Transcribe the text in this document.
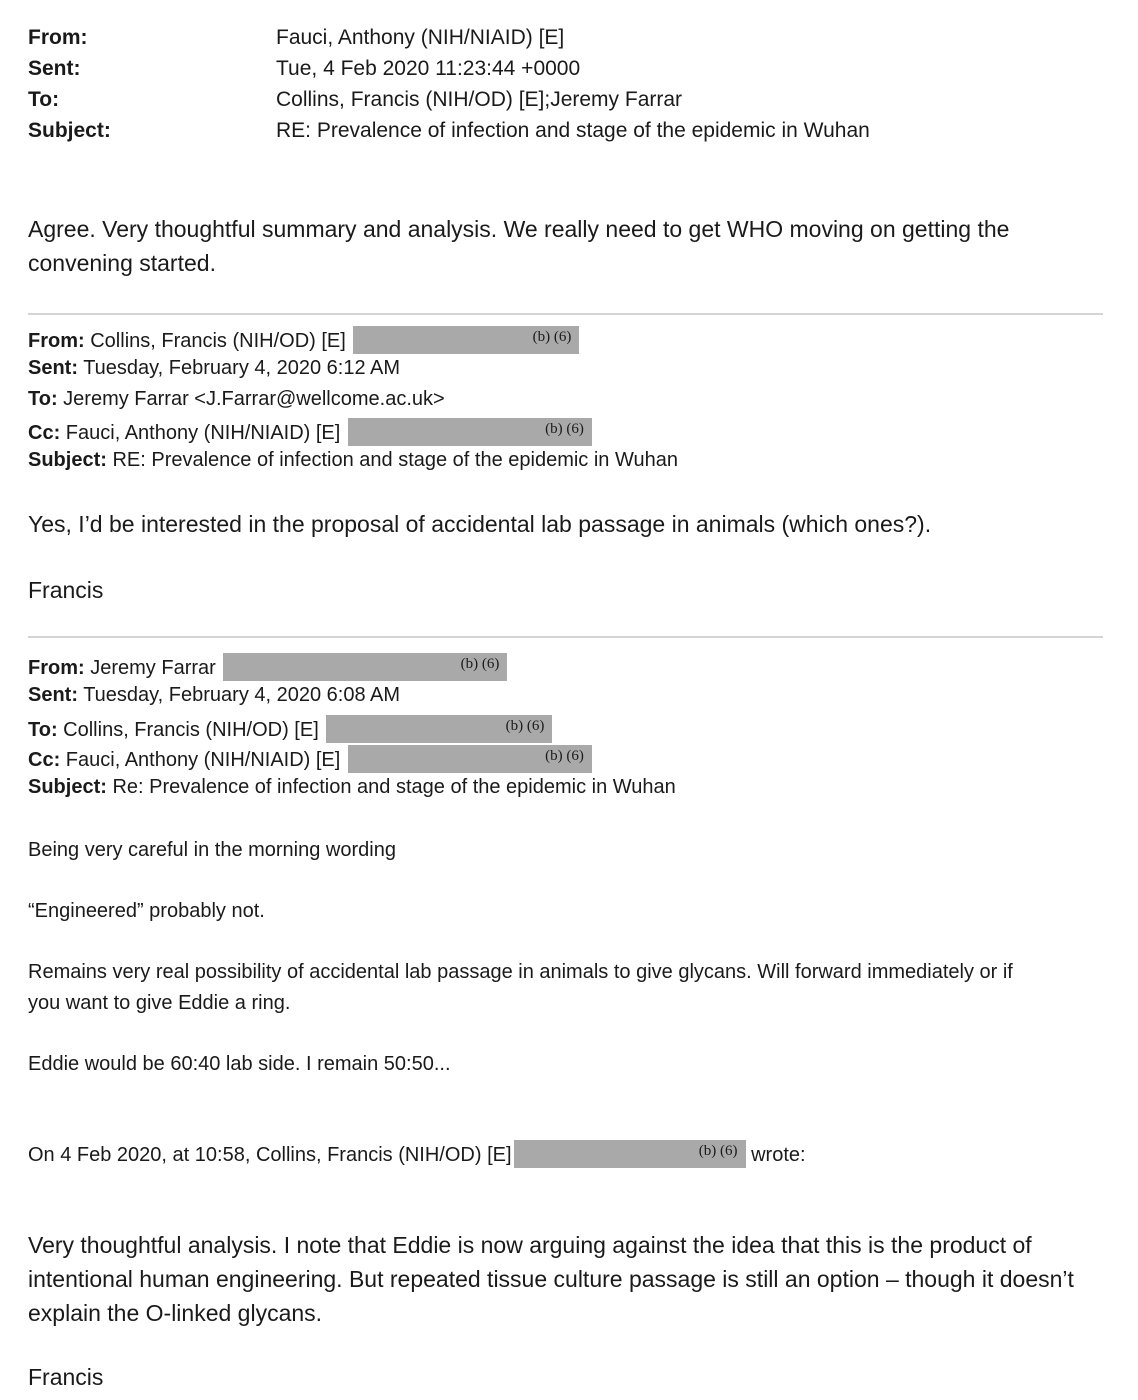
From:	Fauci, Anthony (NIH/NIAID) [E]
Sent:	Tue, 4 Feb 2020 11:23:44 +0000
To:	Collins, Francis (NIH/OD) [E];Jeremy Farrar
Subject:	RE: Prevalence of infection and stage of the epidemic in Wuhan
Agree. Very thoughtful summary and analysis. We really need to get WHO moving on getting the convening started.
From: Collins, Francis (NIH/OD) [E]	(b) (6)
Sent: Tuesday, February 4, 2020 6:12 AM
To: Jeremy Farrar <J.Farrar@wellcome.ac.uk>
Cc: Fauci, Anthony (NIH/NIAID) [E]	(b) (6)
Subject: RE: Prevalence of infection and stage of the epidemic in Wuhan
Yes, I’d be interested in the proposal of accidental lab passage in animals (which ones?).
Francis
From: Jeremy Farrar	(b) (6)
Sent: Tuesday, February 4, 2020 6:08 AM
To: Collins, Francis (NIH/OD) [E]	(b) (6)
Cc: Fauci, Anthony (NIH/NIAID) [E]	(b) (6)
Subject: Re: Prevalence of infection and stage of the epidemic in Wuhan
Being very careful in the morning wording
“Engineered” probably not.
Remains very real possibility of accidental lab passage in animals to give glycans. Will forward immediately or if you want to give Eddie a ring.
Eddie would be 60:40 lab side. I remain 50:50...
On 4 Feb 2020, at 10:58, Collins, Francis (NIH/OD) [E]	(b) (6) wrote:
Very thoughtful analysis. I note that Eddie is now arguing against the idea that this is the product of intentional human engineering. But repeated tissue culture passage is still an option – though it doesn’t explain the O-linked glycans.
Francis
